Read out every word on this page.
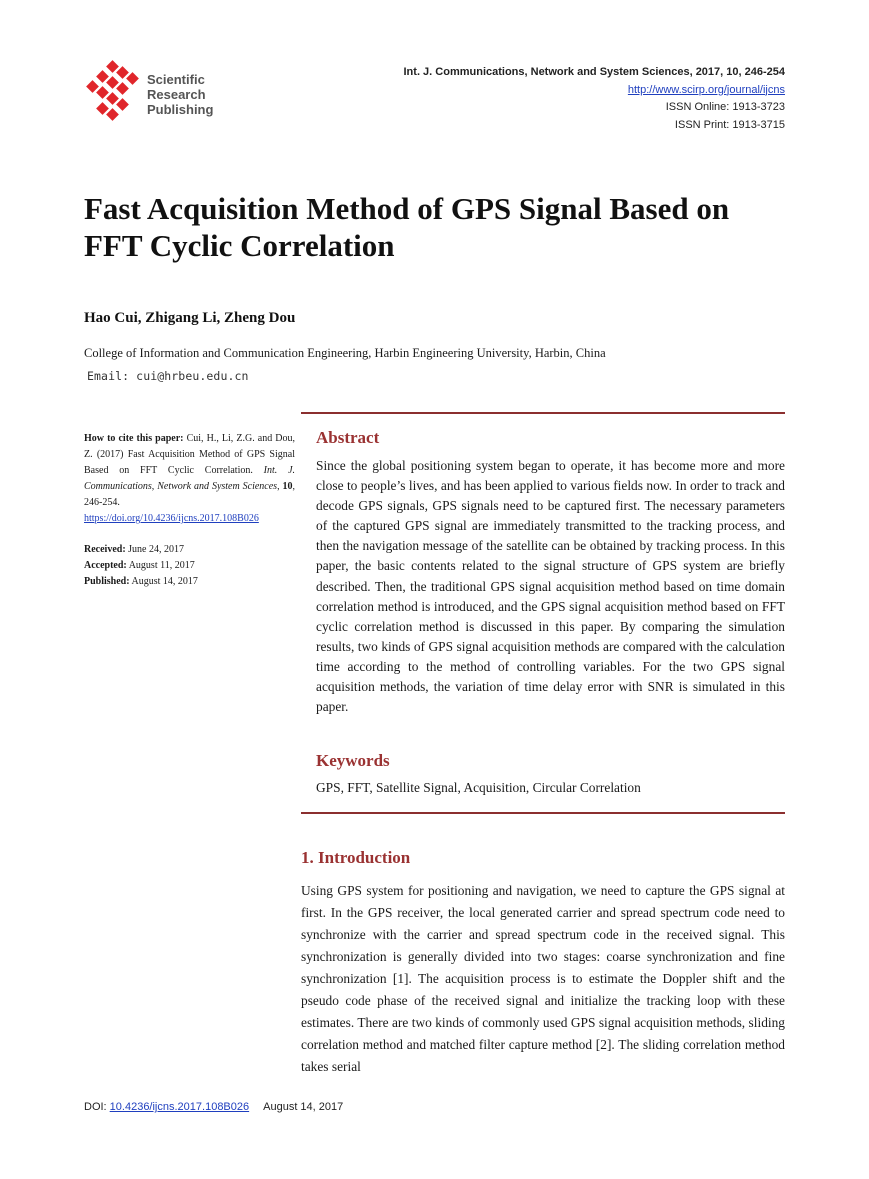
Scientific
Research
Publishing
Int. J. Communications, Network and System Sciences, 2017, 10, 246-254
http://www.scirp.org/journal/ijcns
ISSN Online: 1913-3723
ISSN Print: 1913-3715
Fast Acquisition Method of GPS Signal Based on
FFT Cyclic Correlation
Hao Cui, Zhigang Li, Zheng Dou
College of Information and Communication Engineering, Harbin Engineering University, Harbin, China
Email: cui@hrbeu.edu.cn
How to cite this paper: Cui, H., Li, Z.G. and Dou, Z. (2017) Fast Acquisition Method of GPS Signal Based on FFT Cyclic Correlation. Int. J. Communications, Network and System Sciences, 10, 246-254.
https://doi.org/10.4236/ijcns.2017.108B026
Received: June 24, 2017
Accepted: August 11, 2017
Published: August 14, 2017
Abstract
Since the global positioning system began to operate, it has become more and more close to people’s lives, and has been applied to various fields now. In order to track and decode GPS signals, GPS signals need to be captured first. The necessary parameters of the captured GPS signal are immediately transmitted to the tracking process, and then the navigation message of the satellite can be obtained by tracking process. In this paper, the basic contents related to the signal structure of GPS system are briefly described. Then, the traditional GPS signal acquisition method based on time domain correlation method is introduced, and the GPS signal acquisition method based on FFT cyclic correlation method is discussed in this paper. By comparing the simulation results, two kinds of GPS signal acquisition methods are compared with the calculation time according to the method of controlling variables. For the two GPS signal acquisition methods, the variation of time delay error with SNR is simulated in this paper.
Keywords
GPS, FFT, Satellite Signal, Acquisition, Circular Correlation
1. Introduction
Using GPS system for positioning and navigation, we need to capture the GPS signal at first. In the GPS receiver, the local generated carrier and spread spectrum code need to synchronize with the carrier and spread spectrum code in the received signal. This synchronization is generally divided into two stages: coarse synchronization and fine synchronization [1]. The acquisition process is to estimate the Doppler shift and the pseudo code phase of the received signal and initialize the tracking loop with these estimates. There are two kinds of commonly used GPS signal acquisition methods, sliding correlation method and matched filter capture method [2]. The sliding correlation method takes serial
DOI: 10.4236/ijcns.2017.108B026 August 14, 2017
